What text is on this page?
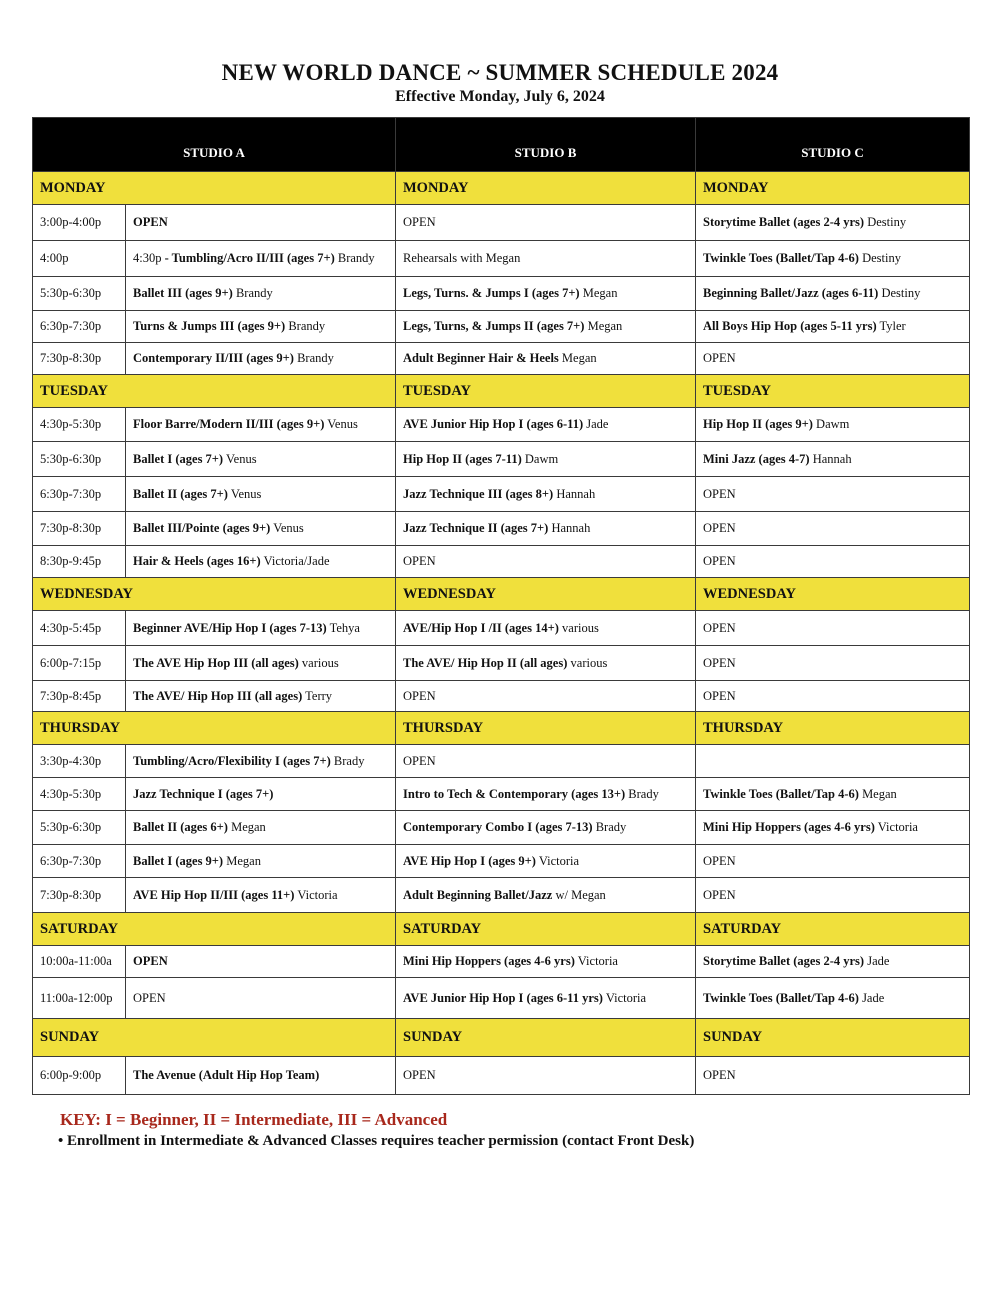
NEW WORLD DANCE ~ SUMMER SCHEDULE 2024
Effective Monday, July 6, 2024
STUDIO A		STUDIO B	STUDIO C
MONDAY		MONDAY	MONDAY
3:00p-4:00p	OPEN	OPEN	Storytime Ballet (ages 2-4 yrs) Destiny
4:00p	4:30p - Tumbling/Acro II/III (ages 7+) Brandy	Rehearsals with Megan	Twinkle Toes (Ballet/Tap 4-6) Destiny
5:30p-6:30p	Ballet III (ages 9+) Brandy	Legs, Turns. & Jumps I (ages 7+) Megan	Beginning Ballet/Jazz (ages 6-11) Destiny
6:30p-7:30p	Turns & Jumps III (ages 9+) Brandy	Legs, Turns, & Jumps II (ages 7+) Megan	All Boys Hip Hop (ages 5-11 yrs) Tyler
7:30p-8:30p	Contemporary II/III (ages 9+) Brandy	Adult Beginner Hair & Heels Megan	OPEN
TUESDAY		TUESDAY	TUESDAY
4:30p-5:30p	Floor Barre/Modern II/III (ages 9+) Venus	AVE Junior Hip Hop I (ages 6-11) Jade	Hip Hop II (ages 9+) Dawm
5:30p-6:30p	Ballet I (ages 7+) Venus	Hip Hop II (ages 7-11) Dawm	Mini Jazz (ages 4-7) Hannah
6:30p-7:30p	Ballet II (ages 7+) Venus	Jazz Technique III (ages 8+) Hannah	OPEN
7:30p-8:30p	Ballet III/Pointe (ages 9+) Venus	Jazz Technique II (ages 7+) Hannah	OPEN
8:30p-9:45p	Hair & Heels (ages 16+) Victoria/Jade	OPEN	OPEN
WEDNESDAY		WEDNESDAY	WEDNESDAY
4:30p-5:45p	Beginner AVE/Hip Hop I (ages 7-13) Tehya	AVE/Hip Hop I /II (ages 14+) various	OPEN
6:00p-7:15p	The AVE Hip Hop III (all ages) various	The AVE/ Hip Hop II (all ages) various	OPEN
7:30p-8:45p	The AVE/ Hip Hop III (all ages) Terry	OPEN	OPEN
THURSDAY		THURSDAY	THURSDAY
3:30p-4:30p	Tumbling/Acro/Flexibility I (ages 7+) Brady	OPEN	
4:30p-5:30p	Jazz Technique I (ages 7+)	Intro to Tech & Contemporary (ages 13+) Brady	Twinkle Toes (Ballet/Tap 4-6) Megan
5:30p-6:30p	Ballet II (ages 6+) Megan	Contemporary Combo I (ages 7-13) Brady	Mini Hip Hoppers (ages 4-6 yrs) Victoria
6:30p-7:30p	Ballet I (ages 9+) Megan	AVE Hip Hop I (ages 9+) Victoria	OPEN
7:30p-8:30p	AVE Hip Hop II/III (ages 11+) Victoria	Adult Beginning Ballet/Jazz w/ Megan	OPEN
SATURDAY		SATURDAY	SATURDAY
10:00a-11:00a	OPEN	Mini Hip Hoppers (ages 4-6 yrs) Victoria	Storytime Ballet (ages 2-4 yrs) Jade
11:00a-12:00p	OPEN	AVE Junior Hip Hop I (ages 6-11 yrs) Victoria	Twinkle Toes (Ballet/Tap 4-6) Jade
SUNDAY		SUNDAY	SUNDAY
6:00p-9:00p	The Avenue (Adult Hip Hop Team)	OPEN	OPEN
KEY: I = Beginner, II = Intermediate, III = Advanced
• Enrollment in Intermediate & Advanced Classes requires teacher permission (contact Front Desk)
